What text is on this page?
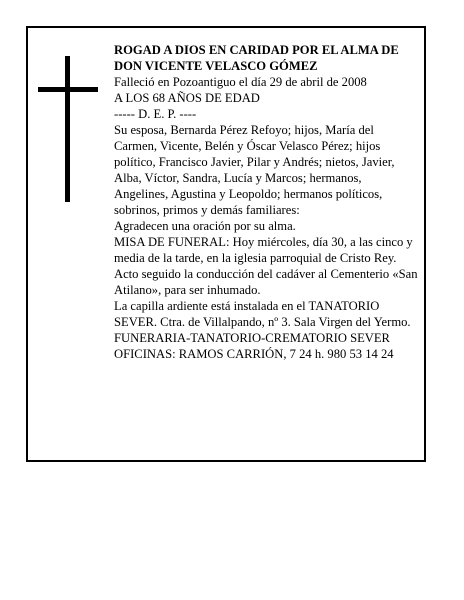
ROGAD A DIOS EN CARIDAD POR EL ALMA DE

DON VICENTE VELASCO GÓMEZ

Falleció en Pozoantiguo el día 29 de abril de 2008

A LOS 68 AÑOS DE EDAD

----- D. E. P. ----

Su esposa, Bernarda Pérez Refoyo; hijos, María del Carmen, Vicente, Belén y Óscar Velasco Pérez; hijos político, Francisco Javier, Pilar y Andrés; nietos, Javier, Alba, Víctor, Sandra, Lucía y Marcos; hermanos, Angelines, Agustina y Leopoldo; hermanos políticos, sobrinos, primos y demás familiares:

Agradecen una oración por su alma.

MISA DE FUNERAL: Hoy miércoles, día 30, a las cinco y media de la tarde, en la iglesia parroquial de Cristo Rey. Acto seguido la conducción del cadáver al Cementerio «San Atilano», para ser inhumado.

La capilla ardiente está instalada en el TANATORIO SEVER. Ctra. de Villalpando, nº 3. Sala Virgen del Yermo.

FUNERARIA-TANATORIO-CREMATORIO SEVER

OFICINAS: RAMOS CARRIÓN, 7 24 h. 980 53 14 24
